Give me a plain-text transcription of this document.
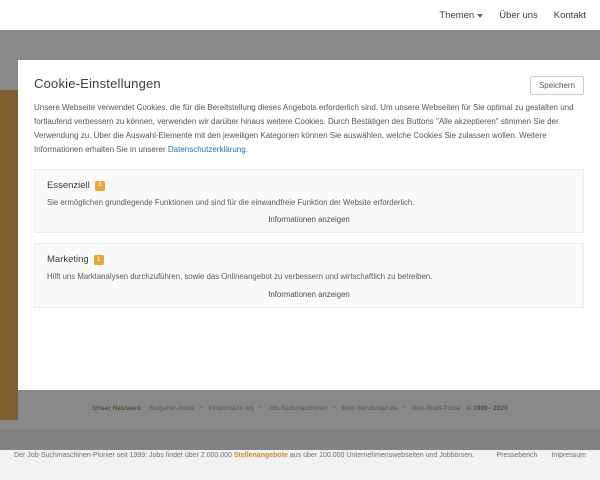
Themen	Über uns Kontakt
Der Job-Suchmaschinen-Pionier seit 1999: Jobs findet über 2.000.000 Stellenangebote aus über 100.000 Unternehmenswebseiten und Jobbörsen.	Presseberich Impressum
Cookie-Einstellungen	Speichern

Unsere Webseite verwendet Cookies, die für die Bereitstellung dieses Angebots erforderlich sind. Um unsere Webseiten für Sie optimal zu gestalten und fortlaufend verbessern zu können, verwenden wir darüber hinaus weitere Cookies. Durch Bestätigen des Buttons "Alle akzeptieren" stimmen Sie der Verwendung zu. Über die Auswahl-Elemente mit den jeweiligen Kategorien können Sie auswählen, welche Cookies Sie zulassen wollen. Weitere Informationen erhalten Sie in unserer Datenschutzerklärung.

Essenziell	3

Sie ermöglichen grundlegende Funktionen und sind für die einwandfreie Funktion der Website erforderlich.

Informationen anzeigen
Marketing	1

Hilft uns Marktanalysen durchzuführen, sowie das Onlineangebot zu verbessern und wirtschaftlich zu betreiben.

Informationen anzeigen
